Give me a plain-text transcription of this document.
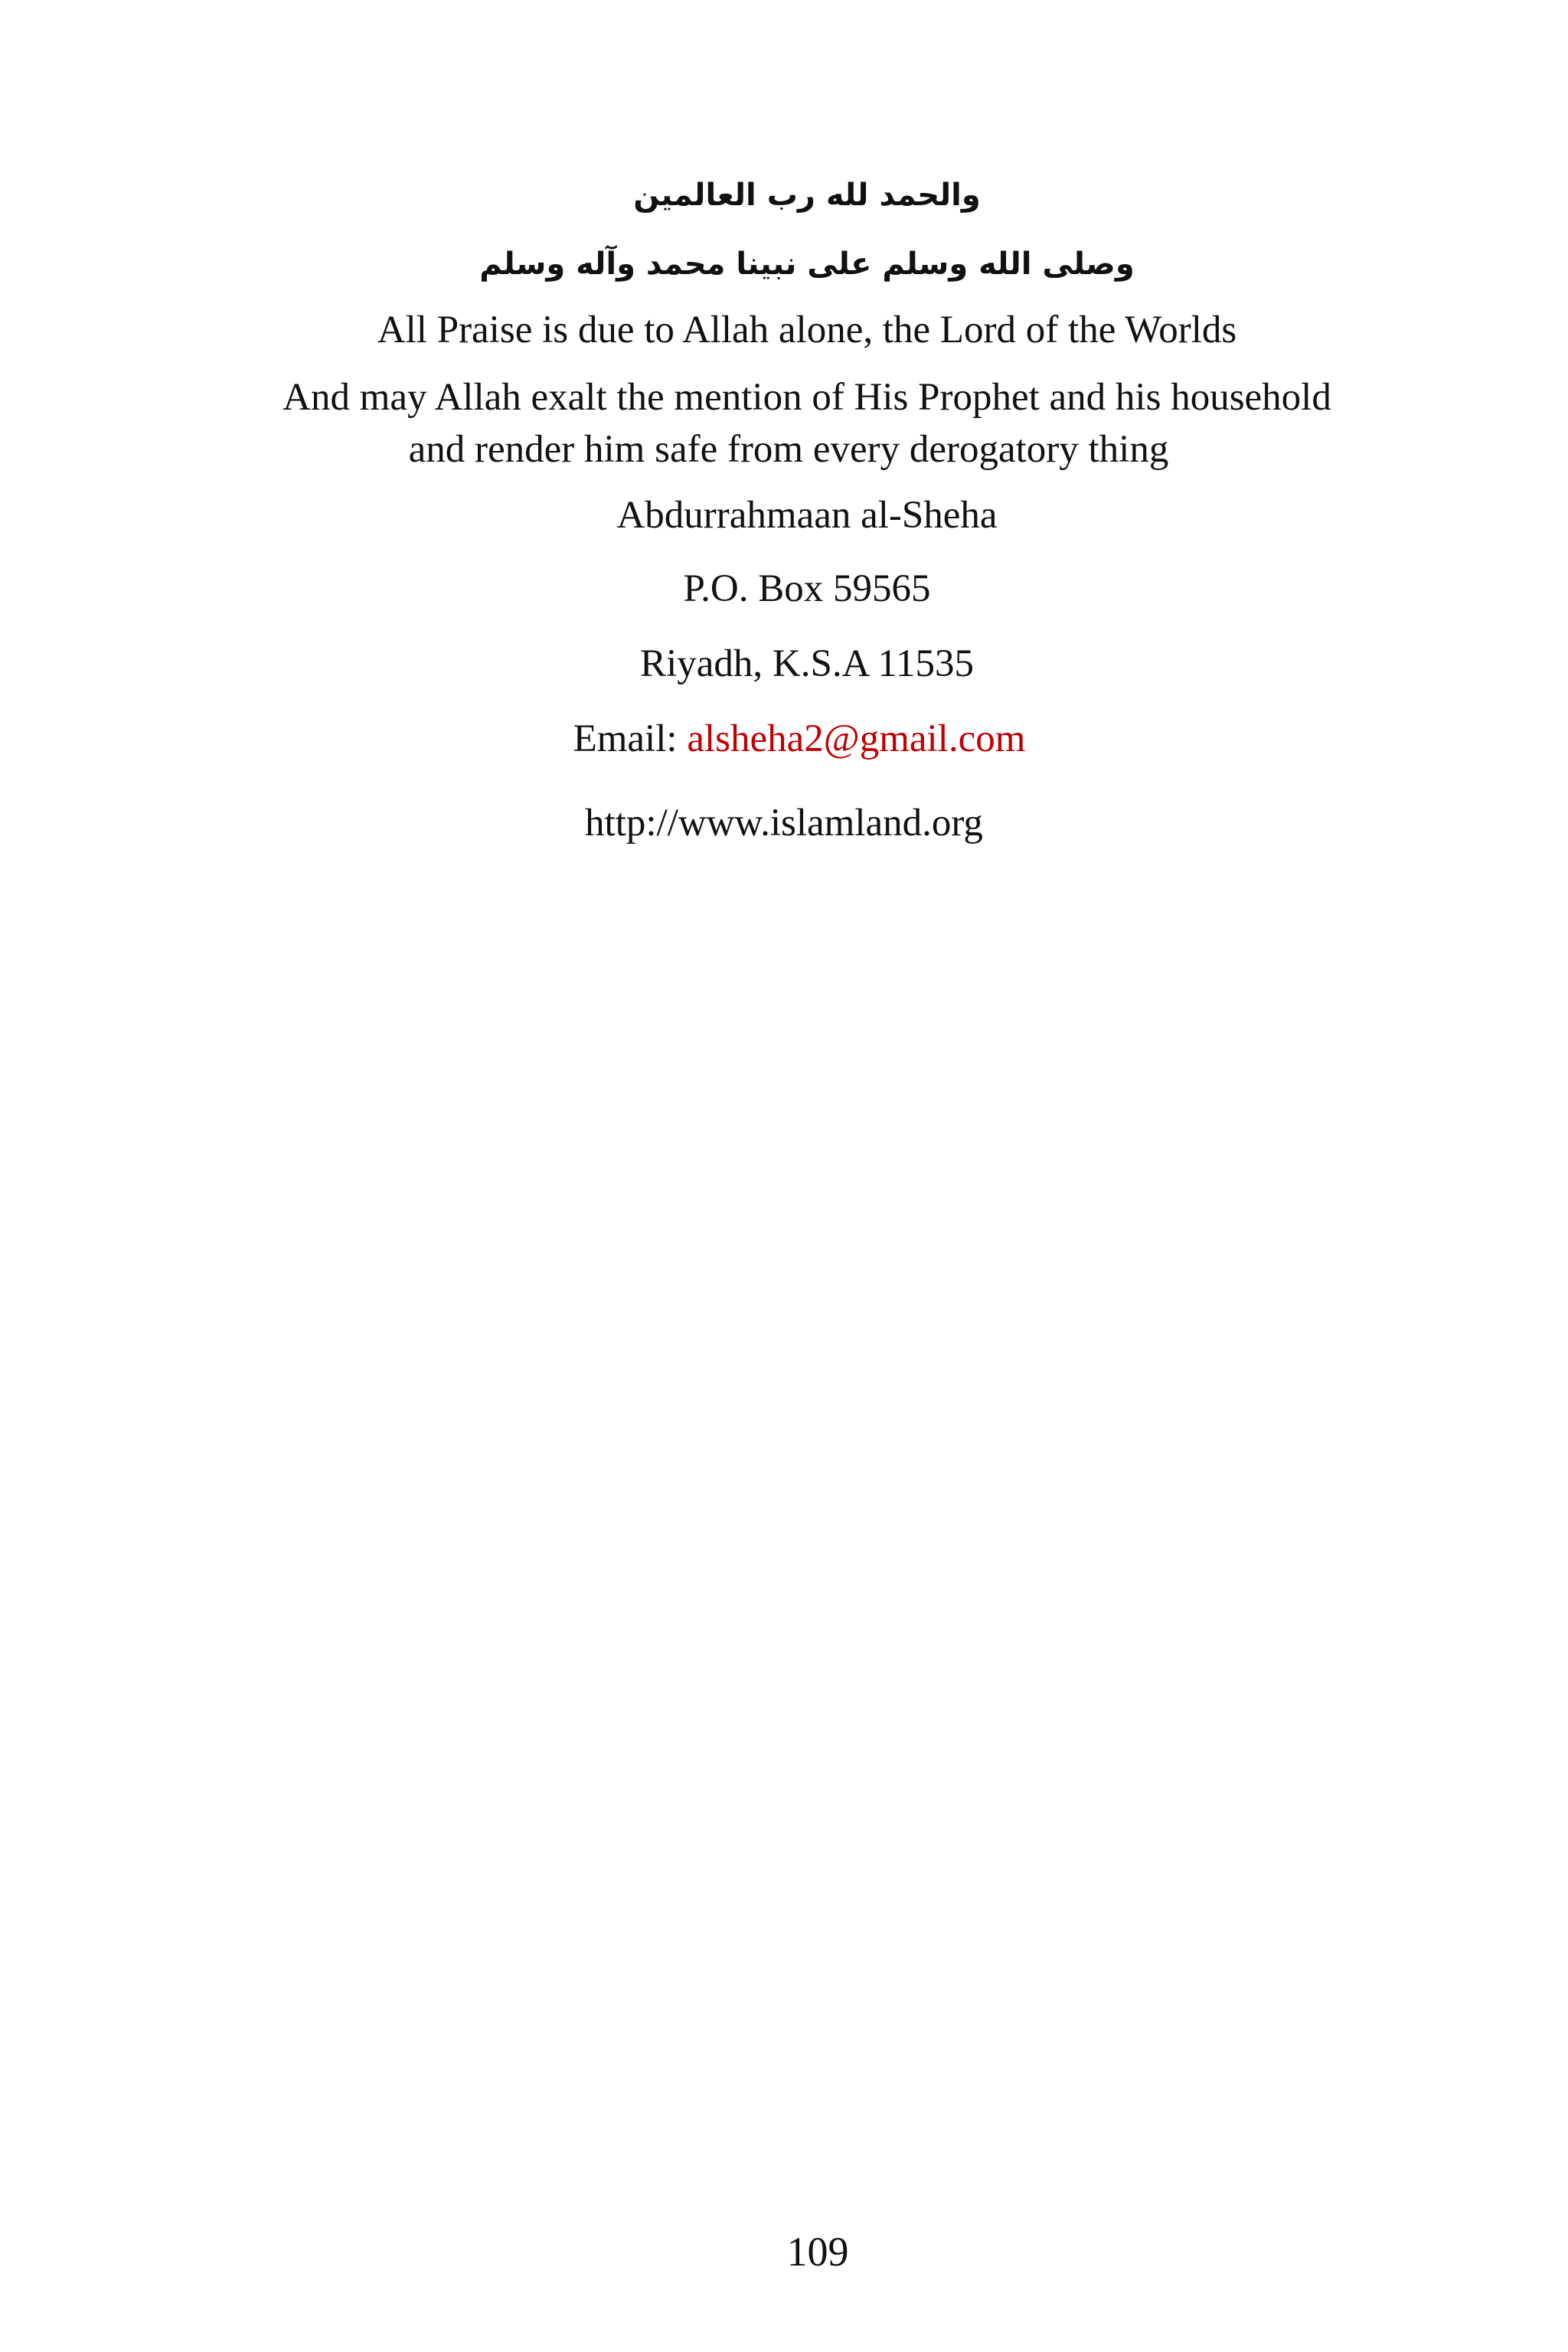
والحمد لله رب العالمين
وصلى الله وسلم على نبينا محمد وآله وسلم
All Praise is due to Allah alone, the Lord of the Worlds
And may Allah exalt the mention of His Prophet and his household
and render him safe from every derogatory thing
Abdurrahmaan al-Sheha
P.O. Box 59565
Riyadh, K.S.A 11535
Email: alsheha2@gmail.com
http://www.islamland.org
109
